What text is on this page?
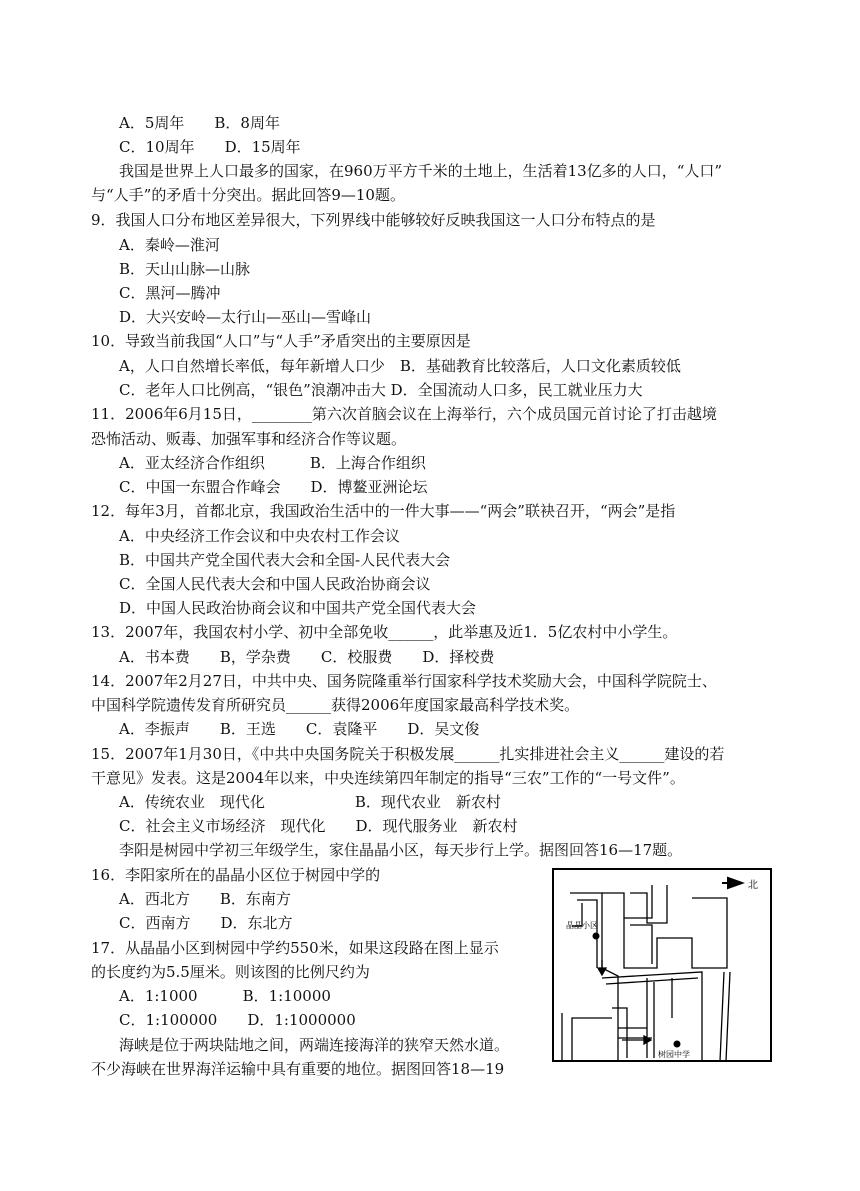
A．5周年　　B．8周年
C．10周年　　D．15周年
我国是世界上人口最多的国家，在960万平方千米的土地上，生活着13亿多的人口，“人口”
与“人手”的矛盾十分突出。据此回答9—10题。
9．我国人口分布地区差异很大，下列界线中能够较好反映我国这一人口分布特点的是
A．秦岭—淮河
B．天山山脉—山脉
C．黑河—腾冲
D．大兴安岭—太行山—巫山—雪峰山
10．导致当前我国“人口”与“人手”矛盾突出的主要原因是
A，人口自然增长率低，每年新增人口少　B．基础教育比较落后，人口文化素质较低
C．老年人口比例高，“银色”浪潮冲击大 D．全国流动人口多，民工就业压力大
11．2006年6月15日，________第六次首脑会议在上海举行，六个成员国元首讨论了打击越境
恐怖活动、贩毒、加强军事和经济合作等议题。
A．亚太经济合作组织　　　B．上海合作组织
C．中国一东盟合作峰会　　D．博鳌亚洲论坛
12．每年3月，首都北京，我国政治生活中的一件大事——“两会”联袂召开，“两会”是指
A．中央经济工作会议和中央农村工作会议
B．中国共产党全国代表大会和全国-人民代表大会
C．全国人民代表大会和中国人民政治协商会议
D．中国人民政治协商会议和中国共产党全国代表大会
13．2007年，我国农村小学、初中全部免收______，此举惠及近1．5亿农村中小学生。
A．书本费　　B，学杂费　　C．校服费　　D．择校费
14．2007年2月27日，中共中央、国务院隆重举行国家科学技术奖励大会，中国科学院院士、
中国科学院遗传发育所研究员______获得2006年度国家最高科学技术奖。
A．李振声　　B．王选　　C．袁隆平　　D．吴文俊
15．2007年1月30日，《中共中央国务院关于积极发展______扎实排进社会主义______建设的若
干意见》发表。这是2004年以来，中央连续第四年制定的指导“三农”工作的“一号文件”。
A．传统农业　现代化　　　　　　B．现代农业　新农村
C．社会主义市场经济　现代化　　D．现代服务业　新农村
李阳是树园中学初三年级学生，家住晶晶小区，每天步行上学。据图回答16—17题。
16．李阳家所在的晶晶小区位于树园中学的
A．西北方　　B．东南方
C．西南方　　D．东北方
17．从晶晶小区到树园中学约550米，如果这段路在图上显示
的长度约为5.5厘米。则该图的比例尺约为
A．1:1000　　　B．1:10000
C．1:100000　　D．1:1000000
海峡是位于两块陆地之间，两端连接海洋的狭窄天然水道。
不少海峡在世界海洋运输中具有重要的地位。据图回答18—19
北
晶晶小区
树园中学
